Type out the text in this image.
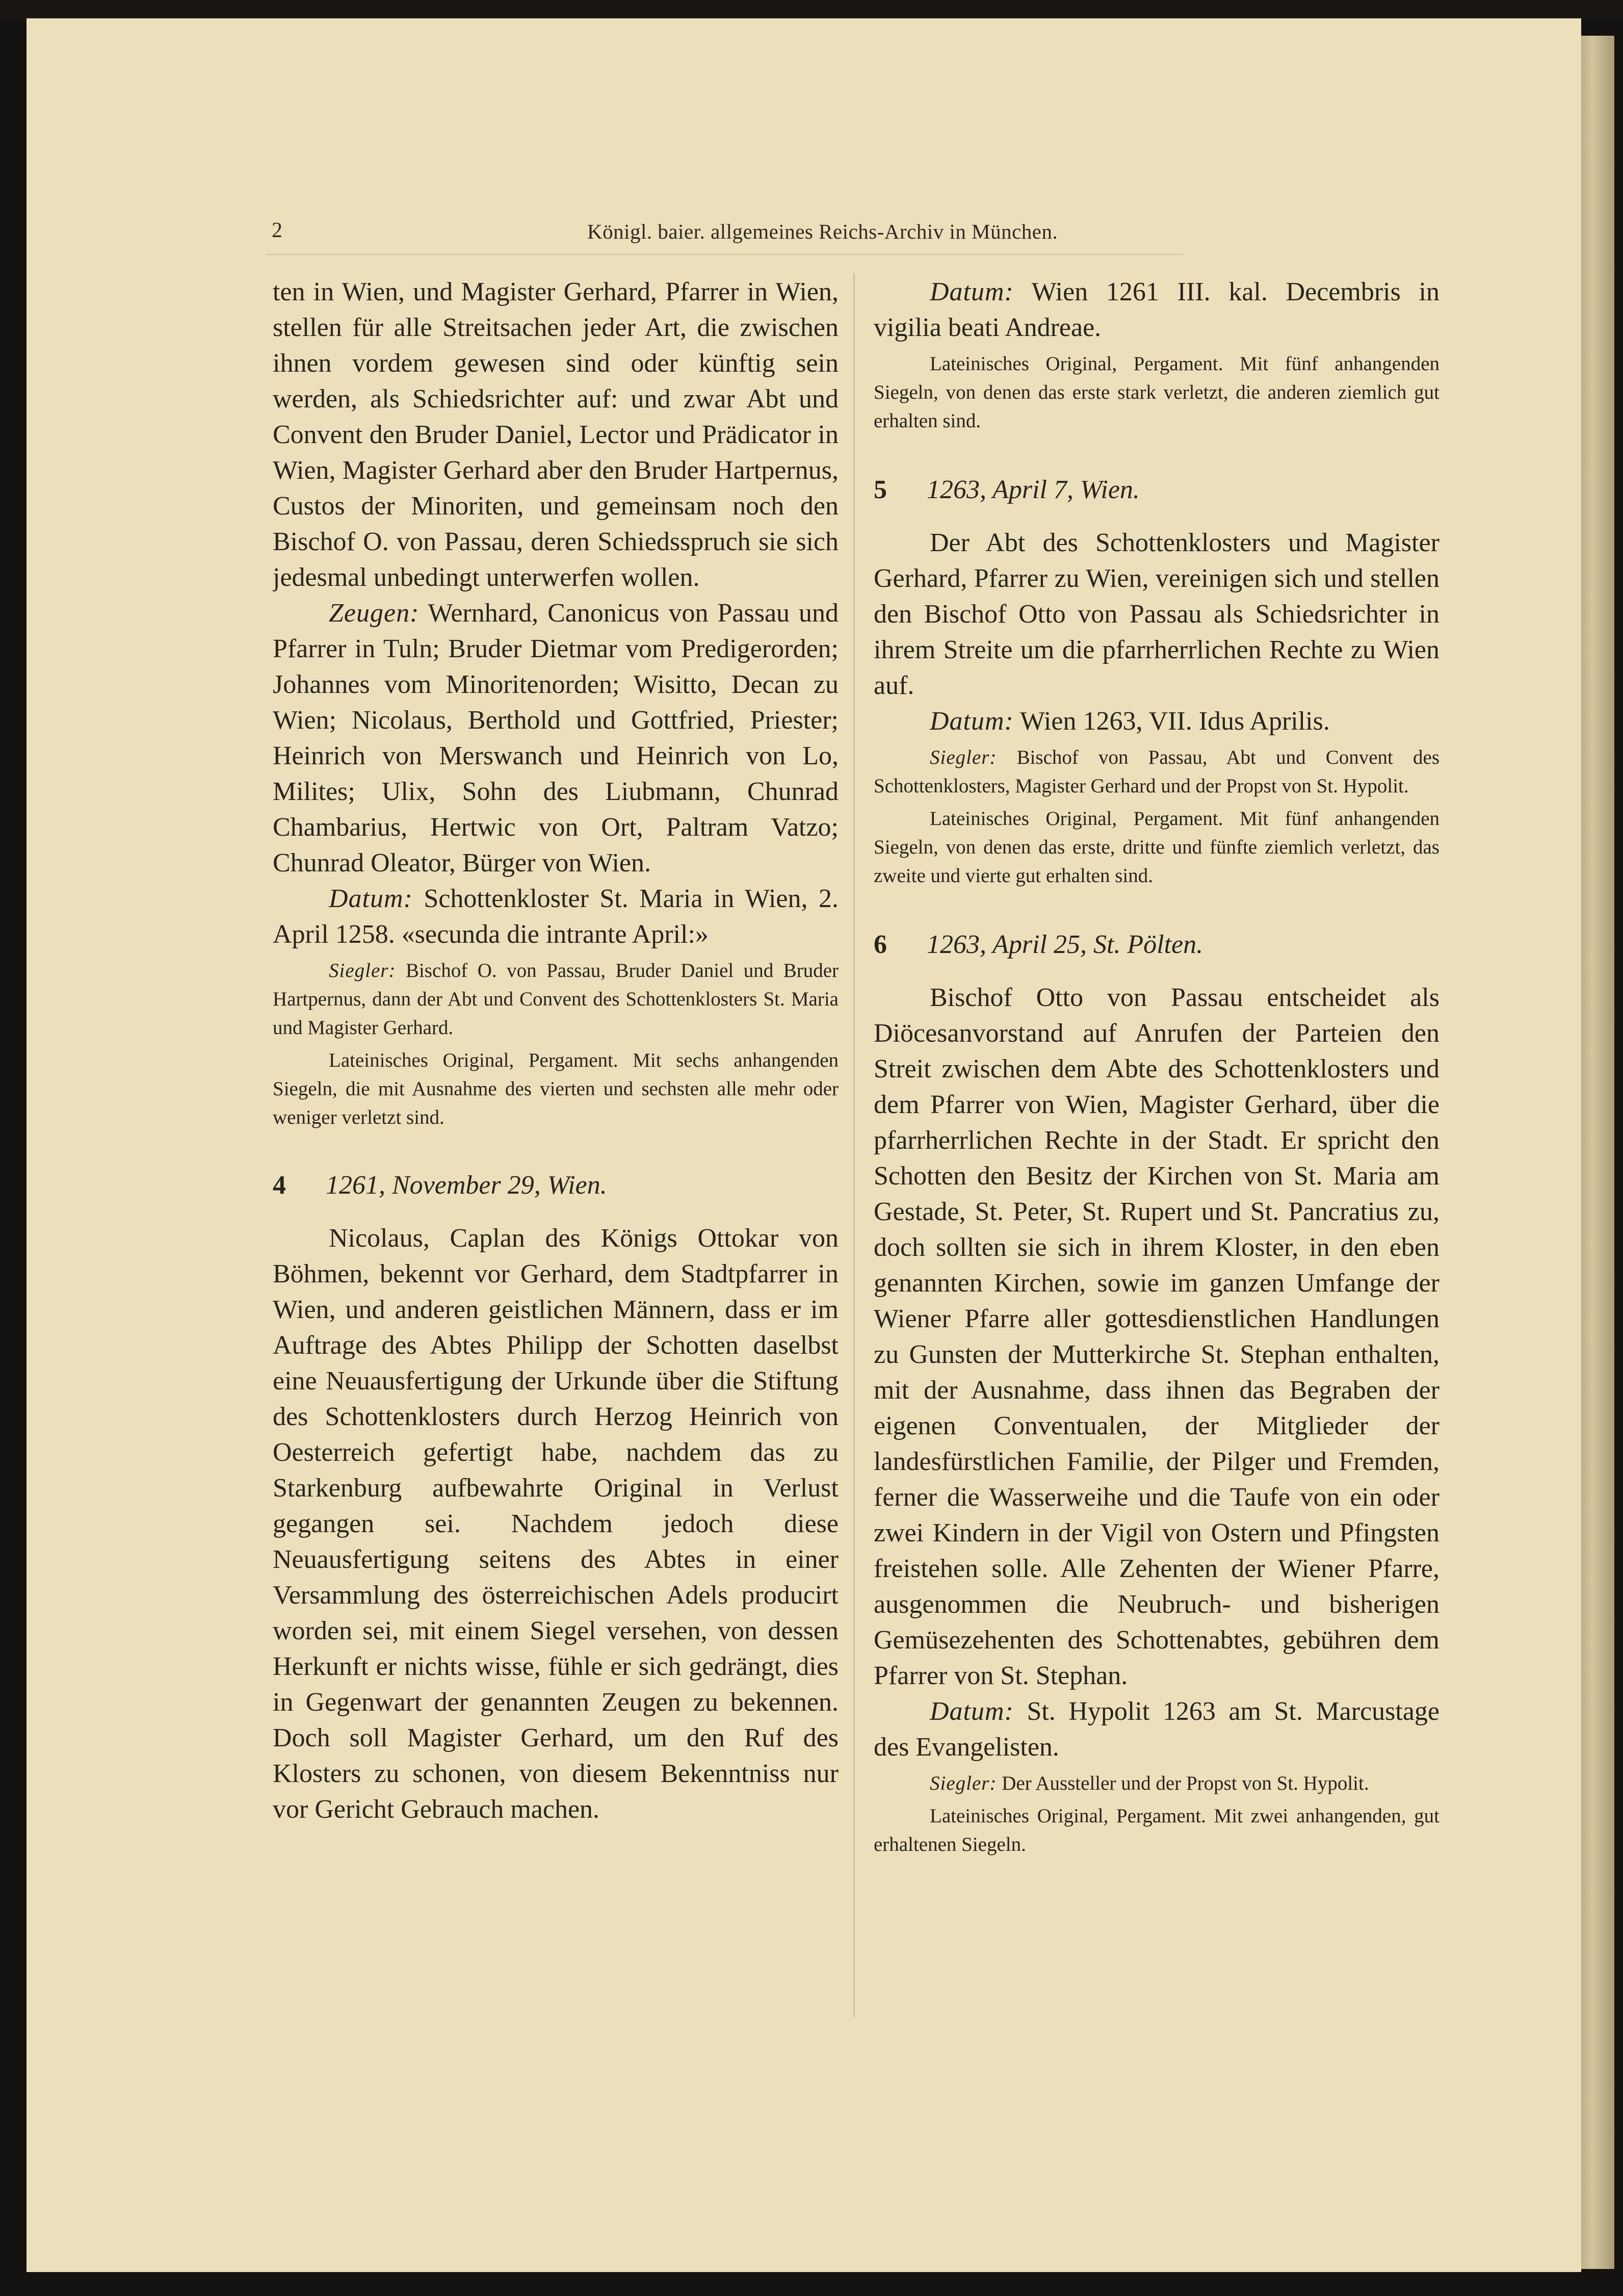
2	Königl. baier. allgemeines Reichs-Archiv in München.

ten in Wien, und Magister Gerhard, Pfarrer in Wien, stellen für alle Streitsachen jeder Art, die zwischen ihnen vordem gewesen sind oder künftig sein werden, als Schiedsrichter auf: und zwar Abt und Convent den Bruder Daniel, Lector und Prädicator in Wien, Magister Gerhard aber den Bruder Hartpernus, Custos der Minoriten, und gemeinsam noch den Bischof O. von Passau, deren Schiedsspruch sie sich jedesmal unbedingt unterwerfen wollen.

Zeugen: Wernhard, Canonicus von Passau und Pfarrer in Tuln; Bruder Dietmar vom Predigerorden; Johannes vom Minoritenorden; Wisitto, Decan zu Wien; Nicolaus, Berthold und Gottfried, Priester; Heinrich von Merswanch und Heinrich von Lo, Milites; Ulix, Sohn des Liubmann, Chunrad Chambarius, Hertwic von Ort, Paltram Vatzo; Chunrad Oleator, Bürger von Wien.

Datum: Schottenkloster St. Maria in Wien, 2. April 1258. «secunda die intrante April:»

Siegler: Bischof O. von Passau, Bruder Daniel und Bruder Hartpernus, dann der Abt und Convent des Schottenklosters St. Maria und Magister Gerhard.

Lateinisches Original, Pergament. Mit sechs anhangenden Siegeln, die mit Ausnahme des vierten und sechsten alle mehr oder weniger verletzt sind.

4 1261, November 29, Wien.

Nicolaus, Caplan des Königs Ottokar von Böhmen, bekennt vor Gerhard, dem Stadtpfarrer in Wien, und anderen geistlichen Männern, dass er im Auftrage des Abtes Philipp der Schotten daselbst eine Neuausfertigung der Urkunde über die Stiftung des Schottenklosters durch Herzog Heinrich von Oesterreich gefertigt habe, nachdem das zu Starkenburg aufbewahrte Original in Verlust gegangen sei. Nachdem jedoch diese Neuausfertigung seitens des Abtes in einer Versammlung des österreichischen Adels producirt worden sei, mit einem Siegel versehen, von dessen Herkunft er nichts wisse, fühle er sich gedrängt, dies in Gegenwart der genannten Zeugen zu bekennen. Doch soll Magister Gerhard, um den Ruf des Klosters zu schonen, von diesem Bekenntniss nur vor Gericht Gebrauch machen.

Datum: Wien 1261 III. kal. Decembris in vigilia beati Andreae.

Lateinisches Original, Pergament. Mit fünf anhangenden Siegeln, von denen das erste stark verletzt, die anderen ziemlich gut erhalten sind.

5 1263, April 7, Wien.

Der Abt des Schottenklosters und Magister Gerhard, Pfarrer zu Wien, vereinigen sich und stellen den Bischof Otto von Passau als Schiedsrichter in ihrem Streite um die pfarrherrlichen Rechte zu Wien auf.

Datum: Wien 1263, VII. Idus Aprilis.

Siegler: Bischof von Passau, Abt und Convent des Schottenklosters, Magister Gerhard und der Propst von St. Hypolit.

Lateinisches Original, Pergament. Mit fünf anhangenden Siegeln, von denen das erste, dritte und fünfte ziemlich verletzt, das zweite und vierte gut erhalten sind.

6 1263, April 25, St. Pölten.

Bischof Otto von Passau entscheidet als Diöcesanvorstand auf Anrufen der Parteien den Streit zwischen dem Abte des Schottenklosters und dem Pfarrer von Wien, Magister Gerhard, über die pfarrherrlichen Rechte in der Stadt. Er spricht den Schotten den Besitz der Kirchen von St. Maria am Gestade, St. Peter, St. Rupert und St. Pancratius zu, doch sollten sie sich in ihrem Kloster, in den eben genannten Kirchen, sowie im ganzen Umfange der Wiener Pfarre aller gottesdienstlichen Handlungen zu Gunsten der Mutterkirche St. Stephan enthalten, mit der Ausnahme, dass ihnen das Begraben der eigenen Conventualen, der Mitglieder der landesfürstlichen Familie, der Pilger und Fremden, ferner die Wasserweihe und die Taufe von ein oder zwei Kindern in der Vigil von Ostern und Pfingsten freistehen solle. Alle Zehenten der Wiener Pfarre, ausgenommen die Neubruch- und bisherigen Gemüsezehenten des Schottenabtes, gebühren dem Pfarrer von St. Stephan.

Datum: St. Hypolit 1263 am St. Marcustage des Evangelisten.

Siegler: Der Aussteller und der Propst von St. Hypolit.

Lateinisches Original, Pergament. Mit zwei anhangenden, gut erhaltenen Siegeln.
